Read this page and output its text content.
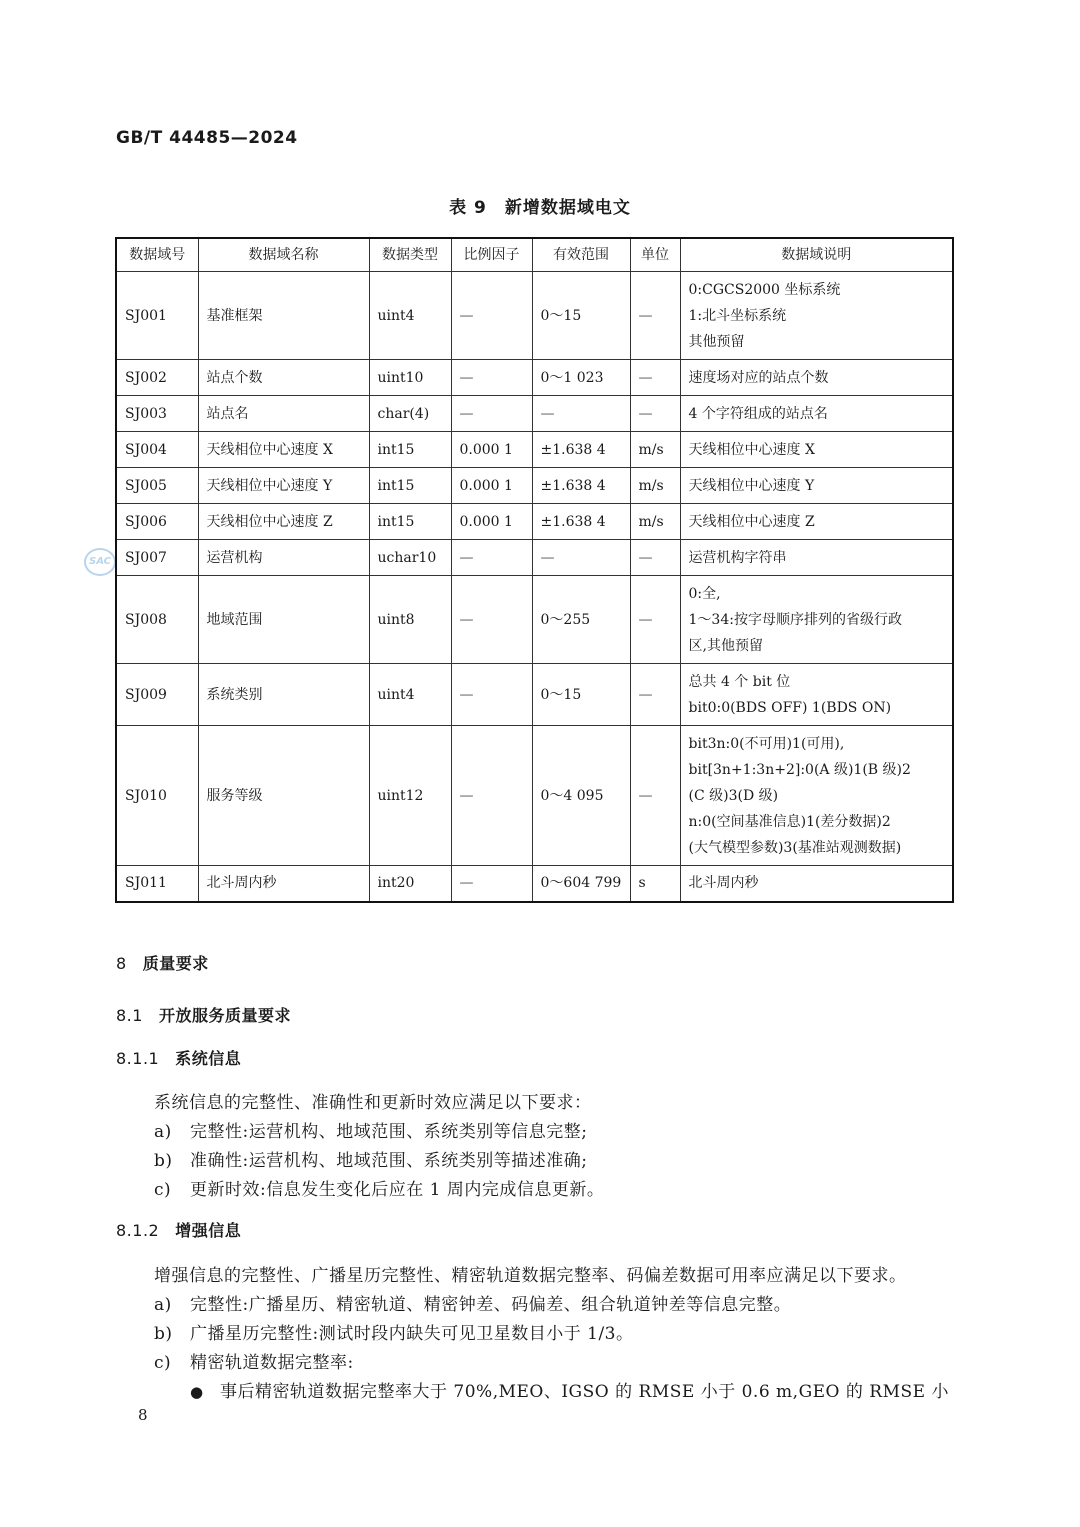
GB/T 44485—2024
表 9　新增数据域电文
SAC
数据域号	数据域名称	数据类型	比例因子	有效范围	单位	数据域说明
SJ001	基准框架	uint4	—	0～15	—	0:CGCS2000 坐标系统
1:北斗坐标系统
其他预留

SJ002	站点个数	uint10	—	0～1 023	—	速度场对应的站点个数

SJ003	站点名	char(4)	—	—	—	4 个字符组成的站点名

SJ004	天线相位中心速度 X	int15	0.000 1	±1.638 4	m/s	天线相位中心速度 X

SJ005	天线相位中心速度 Y	int15	0.000 1	±1.638 4	m/s	天线相位中心速度 Y

SJ006	天线相位中心速度 Z	int15	0.000 1	±1.638 4	m/s	天线相位中心速度 Z

SJ007	运营机构	uchar10	—	—	—	运营机构字符串

SJ008	地域范围	uint8	—	0～255	—	0:全,
1～34:按字母顺序排列的省级行政
区,其他预留

SJ009	系统类别	uint4	—	0～15	—	总共 4 个 bit 位
bit0:0(BDS OFF) 1(BDS ON)

SJ010	服务等级	uint12	—	0～4 095	—	bit3n:0(不可用)1(可用),
bit[3n+1:3n+2]:0(A 级)1(B 级)2
(C 级)3(D 级)
n:0(空间基准信息)1(差分数据)2
(大气模型参数)3(基准站观测数据)

SJ011	北斗周内秒	int20	—	0～604 799	s	北斗周内秒
8 质量要求
8.1 开放服务质量要求
8.1.1 系统信息
系统信息的完整性、准确性和更新时效应满足以下要求：
a) 完整性:运营机构、地域范围、系统类别等信息完整;
b) 准确性:运营机构、地域范围、系统类别等描述准确;
c) 更新时效:信息发生变化后应在 1 周内完成信息更新。
8.1.2 增强信息
增强信息的完整性、广播星历完整性、精密轨道数据完整率、码偏差数据可用率应满足以下要求。
a) 完整性:广播星历、精密轨道、精密钟差、码偏差、组合轨道钟差等信息完整。
b) 广播星历完整性:测试时段内缺失可见卫星数目小于 1/3。
c) 精密轨道数据完整率:
● 事后精密轨道数据完整率大于 70%,MEO、IGSO 的 RMSE 小于 0.6 m,GEO 的 RMSE 小
8
